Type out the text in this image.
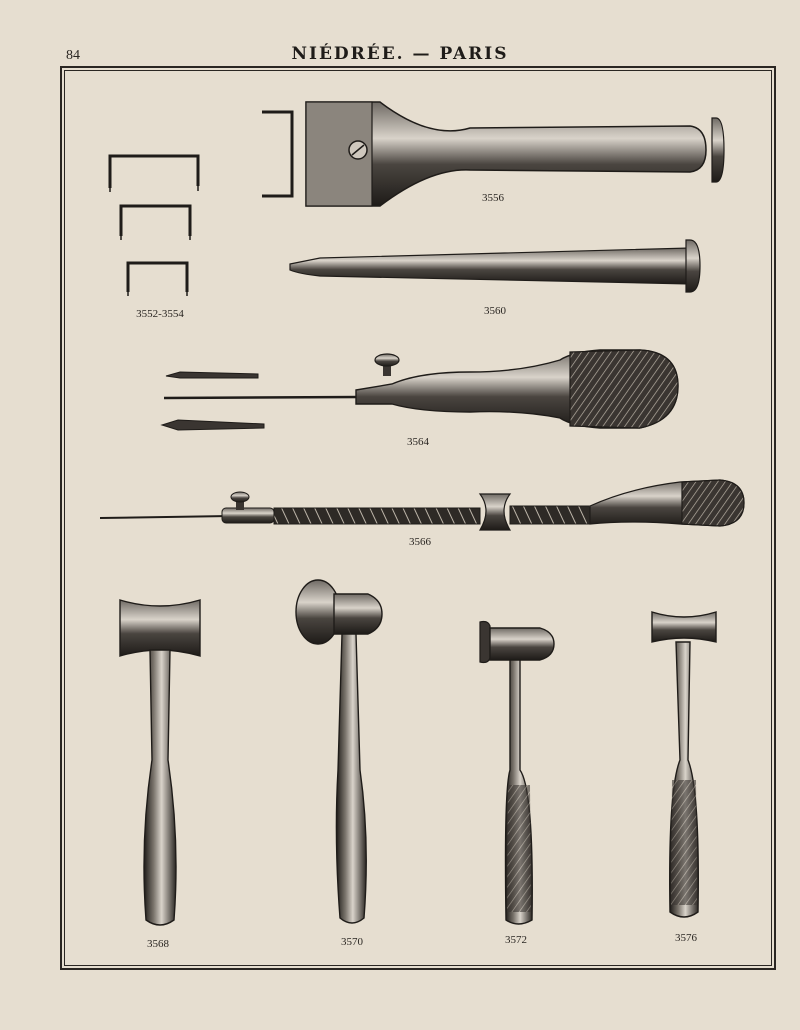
84	NIÉDRÉE. — PARIS
3552-3554
3556
3560
3564
3566
3568	3570	3572	3576
